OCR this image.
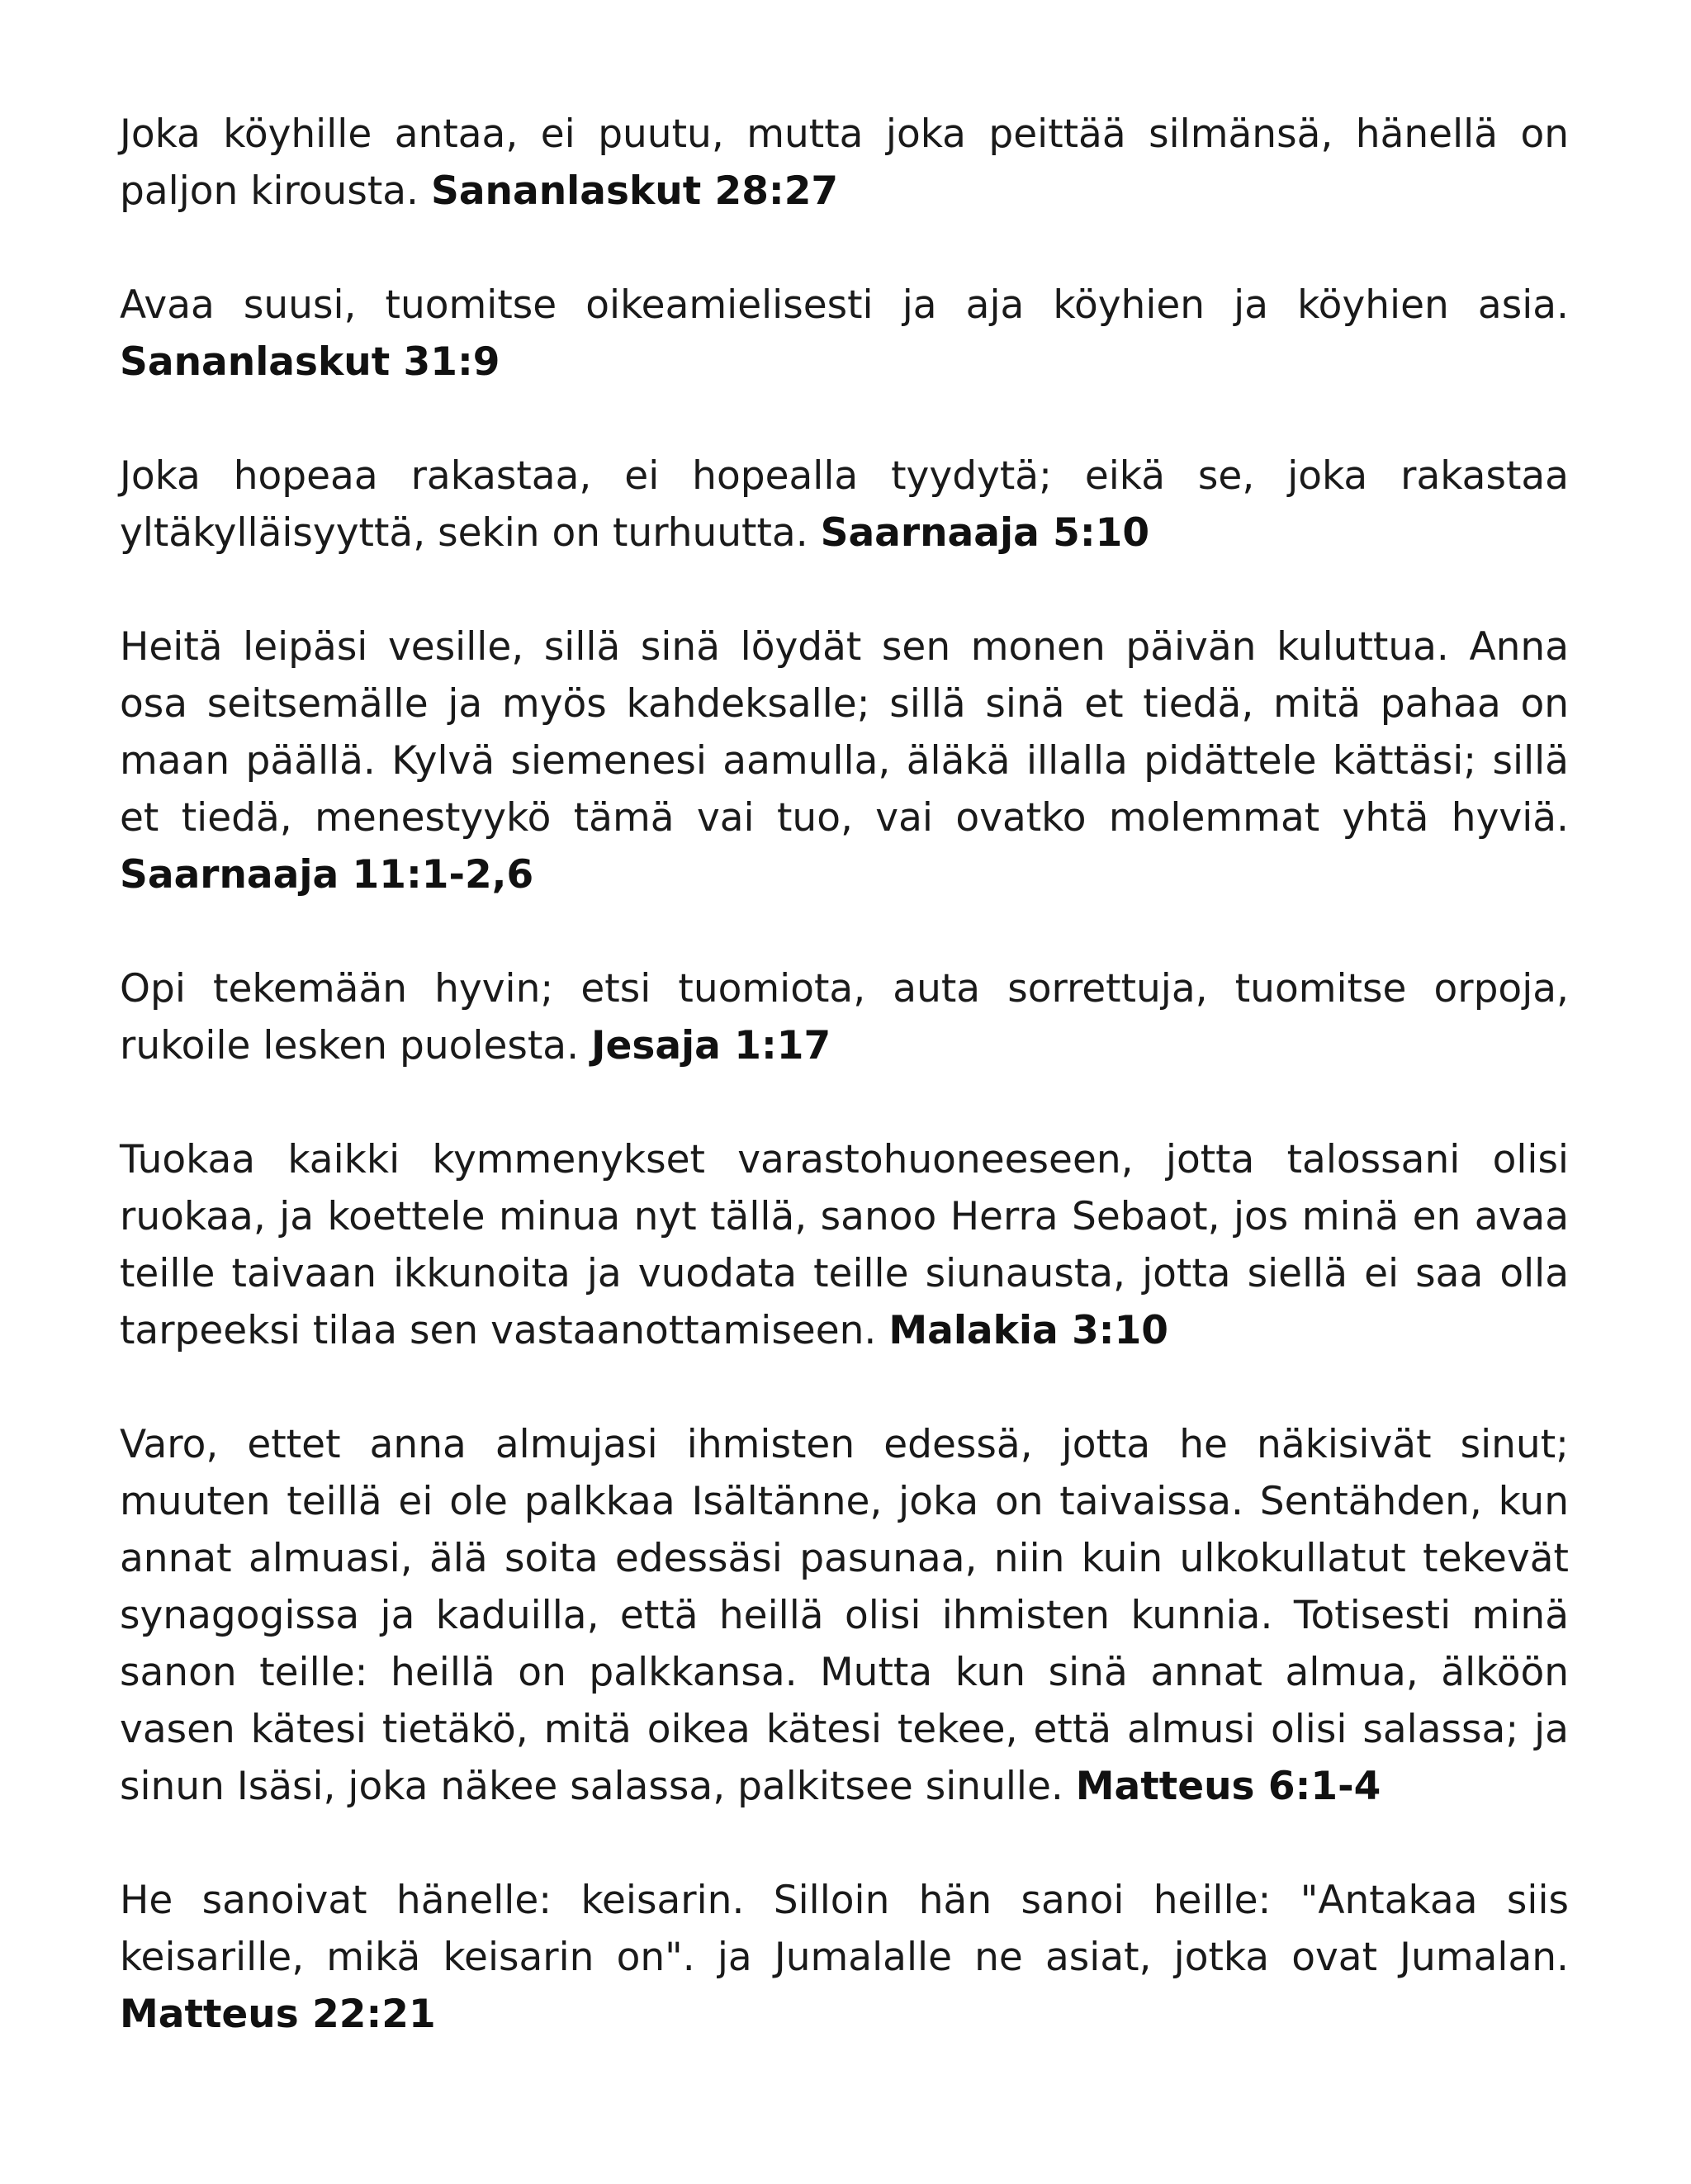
Joka köyhille antaa, ei puutu, mutta joka peittää silmänsä, hänellä on paljon kirousta. Sananlaskut 28:27

Avaa suusi, tuomitse oikeamielisesti ja aja köyhien ja köyhien asia. Sananlaskut 31:9

Joka hopeaa rakastaa, ei hopealla tyydytä; eikä se, joka rakastaa yltäkylläisyyttä, sekin on turhuutta. Saarnaaja 5:10

Heitä leipäsi vesille, sillä sinä löydät sen monen päivän kuluttua. Anna osa seitsemälle ja myös kahdeksalle; sillä sinä et tiedä, mitä pahaa on maan päällä. Kylvä siemenesi aamulla, äläkä illalla pidättele kättäsi; sillä et tiedä, menestyykö tämä vai tuo, vai ovatko molemmat yhtä hyviä. Saarnaaja 11:1-2,6

Opi tekemään hyvin; etsi tuomiota, auta sorrettuja, tuomitse orpoja, rukoile lesken puolesta. Jesaja 1:17

Tuokaa kaikki kymmenykset varastohuoneeseen, jotta talossani olisi ruokaa, ja koettele minua nyt tällä, sanoo Herra Sebaot, jos minä en avaa teille taivaan ikkunoita ja vuodata teille siunausta, jotta siellä ei saa olla tarpeeksi tilaa sen vastaanottamiseen. Malakia 3:10

Varo, ettet anna almujasi ihmisten edessä, jotta he näkisivät sinut; muuten teillä ei ole palkkaa Isältänne, joka on taivaissa. Sentähden, kun annat almuasi, älä soita edessäsi pasunaa, niin kuin ulkokullatut tekevät synagogissa ja kaduilla, että heillä olisi ihmisten kunnia. Totisesti minä sanon teille: heillä on palkkansa. Mutta kun sinä annat almua, älköön vasen kätesi tietäkö, mitä oikea kätesi tekee, että almusi olisi salassa; ja sinun Isäsi, joka näkee salassa, palkitsee sinulle. Matteus 6:1-4

He sanoivat hänelle: keisarin. Silloin hän sanoi heille: "Antakaa siis keisarille, mikä keisarin on". ja Jumalalle ne asiat, jotka ovat Jumalan. Matteus 22:21
